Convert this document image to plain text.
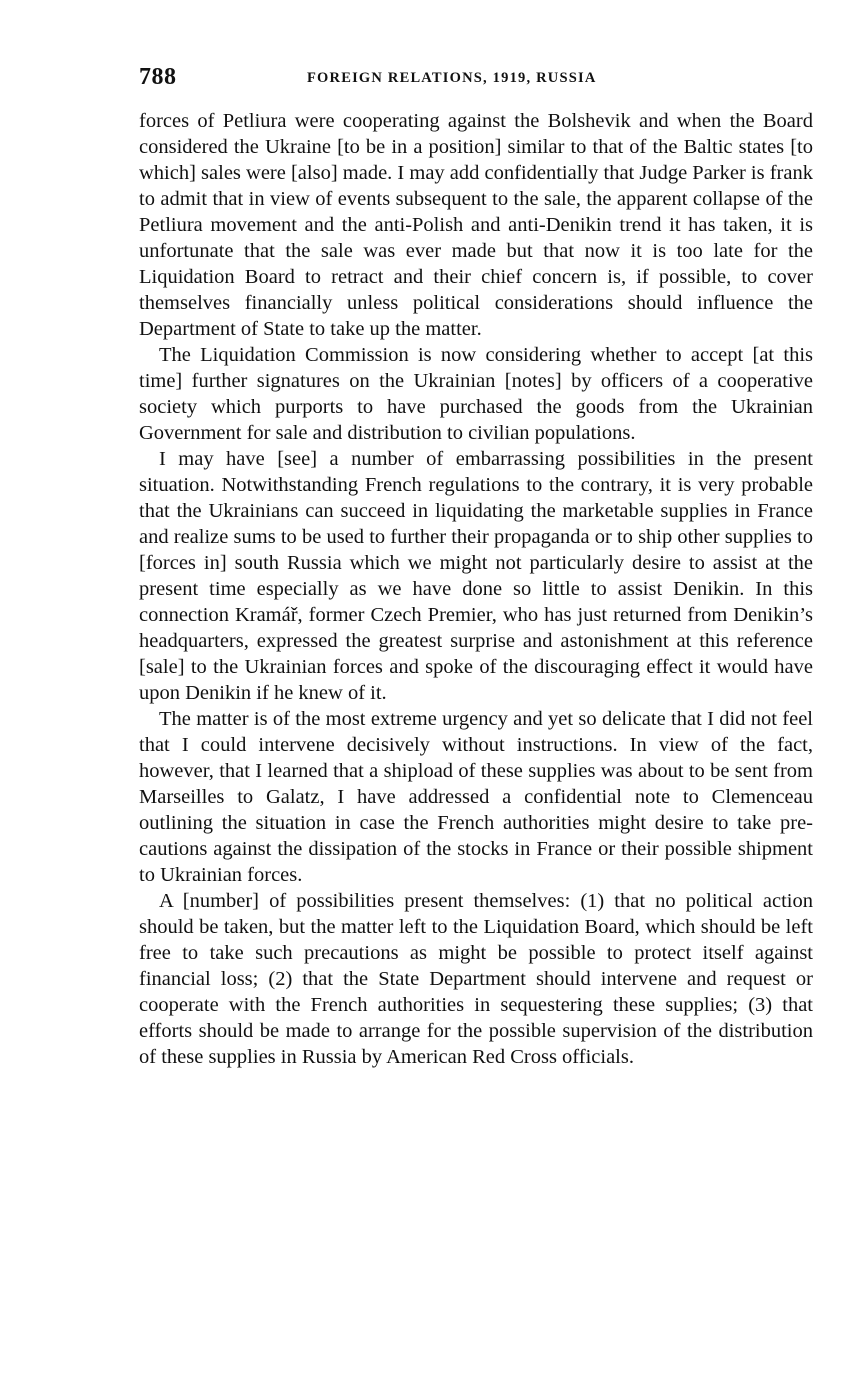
788	FOREIGN RELATIONS, 1919, RUSSIA

forces of Petliura were cooperating against the Bolshevik and when the Board considered the Ukraine [to be in a position] similar to that of the Baltic states [to which] sales were [also] made. I may add confidentially that Judge Parker is frank to admit that in view of events subsequent to the sale, the apparent collapse of the Petliura movement and the anti-Polish and anti-Denikin trend it has taken, it is unfortunate that the sale was ever made but that now it is too late for the Liquidation Board to retract and their chief concern is, if possible, to cover themselves financially unless political considerations should influence the Department of State to take up the matter.

The Liquidation Commission is now considering whether to accept [at this time] further signatures on the Ukrainian [notes] by officers of a cooperative society which purports to have purchased the goods from the Ukrainian Government for sale and distribution to civilian populations.

I may have [see] a number of embarrassing possibilities in the present situation. Notwithstanding French regulations to the contrary, it is very probable that the Ukrainians can succeed in liquidating the marketable supplies in France and realize sums to be used to further their propaganda or to ship other supplies to [forces in] south Russia which we might not particularly desire to assist at the present time especially as we have done so little to assist Denikin. In this connection Kramář, former Czech Premier, who has just returned from Denikin’s headquarters, expressed the greatest surprise and astonishment at this reference [sale] to the Ukrainian forces and spoke of the discouraging effect it would have upon Denikin if he knew of it.

The matter is of the most extreme urgency and yet so delicate that I did not feel that I could intervene decisively without instructions. In view of the fact, however, that I learned that a shipload of these supplies was about to be sent from Marseilles to Galatz, I have addressed a confidential note to Clemenceau outlining the situation in case the French authorities might desire to take precautions against the dissipation of the stocks in France or their possible shipment to Ukrainian forces.

A [number] of possibilities present themselves: (1) that no political action should be taken, but the matter left to the Liquidation Board, which should be left free to take such precautions as might be possible to protect itself against financial loss; (2) that the State Department should intervene and request or cooperate with the French authorities in sequestering these supplies; (3) that efforts should be made to arrange for the possible supervision of the distribution of these supplies in Russia by American Red Cross officials.
